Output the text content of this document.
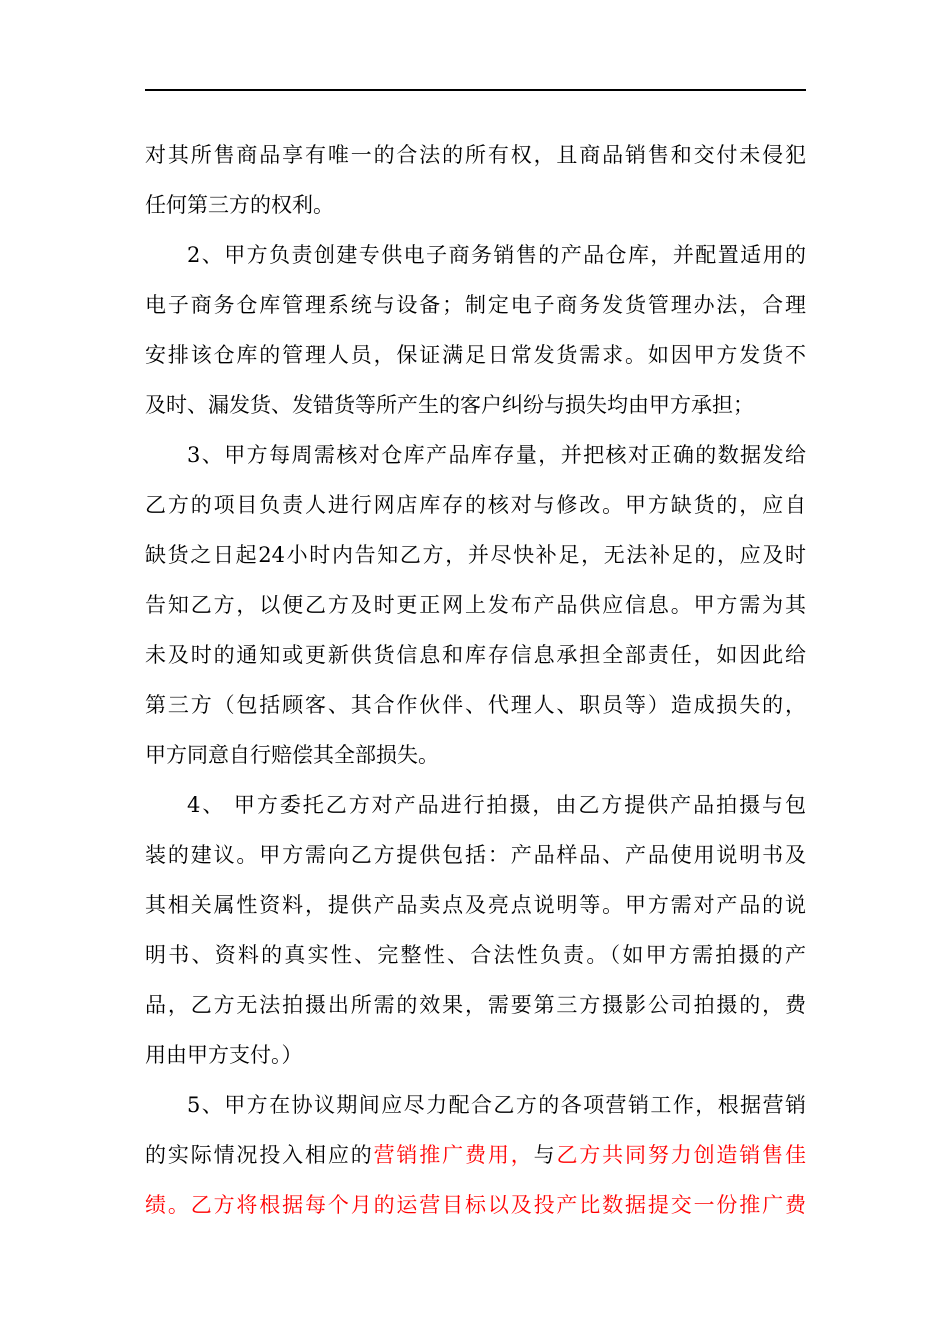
对其所售商品享有唯一的合法的所有权，且商品销售和交付未侵犯
任何第三方的权利。
2、甲方负责创建专供电子商务销售的产品仓库，并配置适用的
电子商务仓库管理系统与设备；制定电子商务发货管理办法，合理
安排该仓库的管理人员，保证满足日常发货需求。如因甲方发货不
及时、漏发货、发错货等所产生的客户纠纷与损失均由甲方承担；
3、甲方每周需核对仓库产品库存量，并把核对正确的数据发给
乙方的项目负责人进行网店库存的核对与修改。甲方缺货的，应自
缺货之日起24小时内告知乙方，并尽快补足，无法补足的，应及时
告知乙方，以便乙方及时更正网上发布产品供应信息。甲方需为其
未及时的通知或更新供货信息和库存信息承担全部责任，如因此给
第三方（包括顾客、其合作伙伴、代理人、职员等）造成损失的，
甲方同意自行赔偿其全部损失。
4、 甲方委托乙方对产品进行拍摄，由乙方提供产品拍摄与包
装的建议。甲方需向乙方提供包括：产品样品、产品使用说明书及
其相关属性资料，提供产品卖点及亮点说明等。甲方需对产品的说
明书、资料的真实性、完整性、合法性负责。（如甲方需拍摄的产
品，乙方无法拍摄出所需的效果，需要第三方摄影公司拍摄的，费
用由甲方支付。）
5、甲方在协议期间应尽力配合乙方的各项营销工作，根据营销
的实际情况投入相应的营销推广费用，与乙方共同努力创造销售佳
绩。乙方将根据每个月的运营目标以及投产比数据提交一份推广费
